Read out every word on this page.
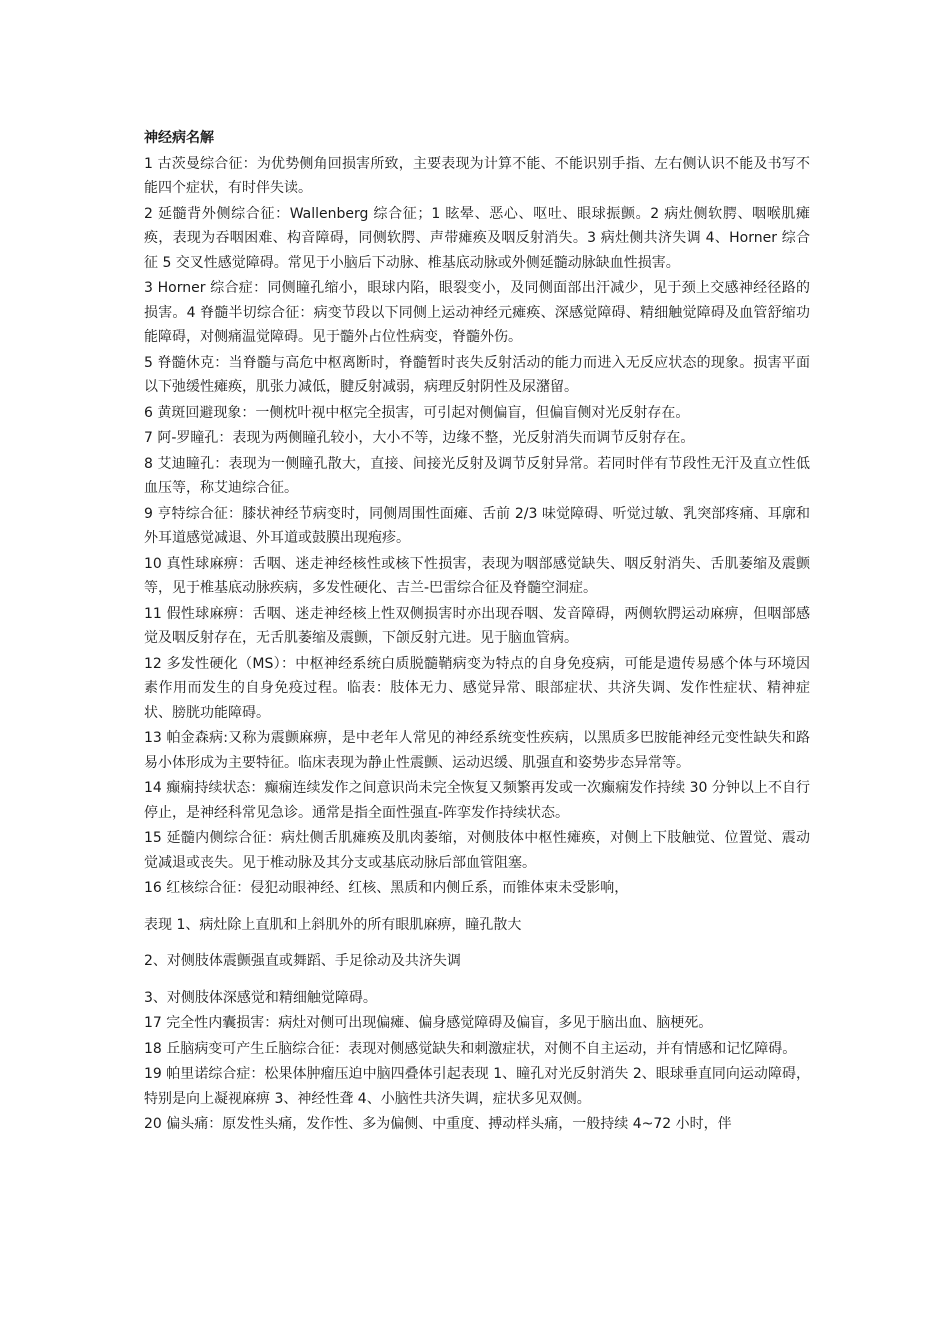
神经病名解
1 古茨曼综合征：为优势侧角回损害所致，主要表现为计算不能、不能识别手指、左右侧认识不能及书写不能四个症状，有时伴失读。
2 延髓背外侧综合征：Wallenberg 综合征；1 眩晕、恶心、呕吐、眼球振颤。2 病灶侧软腭、咽喉肌瘫痪，表现为吞咽困难、构音障碍，同侧软腭、声带瘫痪及咽反射消失。3 病灶侧共济失调 4、Horner 综合征 5 交叉性感觉障碍。常见于小脑后下动脉、椎基底动脉或外侧延髓动脉缺血性损害。
3 Horner 综合症：同侧瞳孔缩小，眼球内陷，眼裂变小，及同侧面部出汗减少，见于颈上交感神经径路的损害。4 脊髓半切综合征：病变节段以下同侧上运动神经元瘫痪、深感觉障碍、精细触觉障碍及血管舒缩功能障碍，对侧痛温觉障碍。见于髓外占位性病变，脊髓外伤。
5 脊髓休克：当脊髓与高危中枢离断时，脊髓暂时丧失反射活动的能力而进入无反应状态的现象。损害平面以下弛缓性瘫痪，肌张力减低，腱反射减弱，病理反射阴性及尿潴留。
6 黄斑回避现象：一侧枕叶视中枢完全损害，可引起对侧偏盲，但偏盲侧对光反射存在。
7 阿-罗瞳孔：表现为两侧瞳孔较小，大小不等，边缘不整，光反射消失而调节反射存在。
8 艾迪瞳孔：表现为一侧瞳孔散大，直接、间接光反射及调节反射异常。若同时伴有节段性无汗及直立性低血压等，称艾迪综合征。
9 亨特综合征：膝状神经节病变时，同侧周围性面瘫、舌前 2/3 味觉障碍、听觉过敏、乳突部疼痛、耳廓和外耳道感觉减退、外耳道或鼓膜出现疱疹。
10 真性球麻痹：舌咽、迷走神经核性或核下性损害，表现为咽部感觉缺失、咽反射消失、舌肌萎缩及震颤等，见于椎基底动脉疾病，多发性硬化、吉兰-巴雷综合征及脊髓空洞症。
11 假性球麻痹：舌咽、迷走神经核上性双侧损害时亦出现吞咽、发音障碍，两侧软腭运动麻痹，但咽部感觉及咽反射存在，无舌肌萎缩及震颤，下颌反射亢进。见于脑血管病。
12 多发性硬化（MS）：中枢神经系统白质脱髓鞘病变为特点的自身免疫病，可能是遗传易感个体与环境因素作用而发生的自身免疫过程。临表：肢体无力、感觉异常、眼部症状、共济失调、发作性症状、精神症状、膀胱功能障碍。
13 帕金森病:又称为震颤麻痹，是中老年人常见的神经系统变性疾病，以黑质多巴胺能神经元变性缺失和路易小体形成为主要特征。临床表现为静止性震颤、运动迟缓、肌强直和姿势步态异常等。
14 癫痫持续状态：癫痫连续发作之间意识尚未完全恢复又频繁再发或一次癫痫发作持续 30 分钟以上不自行停止，是神经科常见急诊。通常是指全面性强直-阵挛发作持续状态。
15 延髓内侧综合征：病灶侧舌肌瘫痪及肌肉萎缩，对侧肢体中枢性瘫痪，对侧上下肢触觉、位置觉、震动觉减退或丧失。见于椎动脉及其分支或基底动脉后部血管阻塞。
16 红核综合征：侵犯动眼神经、红核、黑质和内侧丘系，而锥体束未受影响，
表现 1、病灶除上直肌和上斜肌外的所有眼肌麻痹，瞳孔散大
2、对侧肢体震颤强直或舞蹈、手足徐动及共济失调
3、对侧肢体深感觉和精细触觉障碍。
17 完全性内囊损害：病灶对侧可出现偏瘫、偏身感觉障碍及偏盲，多见于脑出血、脑梗死。
18 丘脑病变可产生丘脑综合征：表现对侧感觉缺失和刺激症状，对侧不自主运动，并有情感和记忆障碍。
19 帕里诺综合症：松果体肿瘤压迫中脑四叠体引起表现 1、瞳孔对光反射消失 2、眼球垂直同向运动障碍，特别是向上凝视麻痹 3、神经性聋 4、小脑性共济失调，症状多见双侧。
20 偏头痛：原发性头痛，发作性、多为偏侧、中重度、搏动样头痛，一般持续 4~72 小时，伴
